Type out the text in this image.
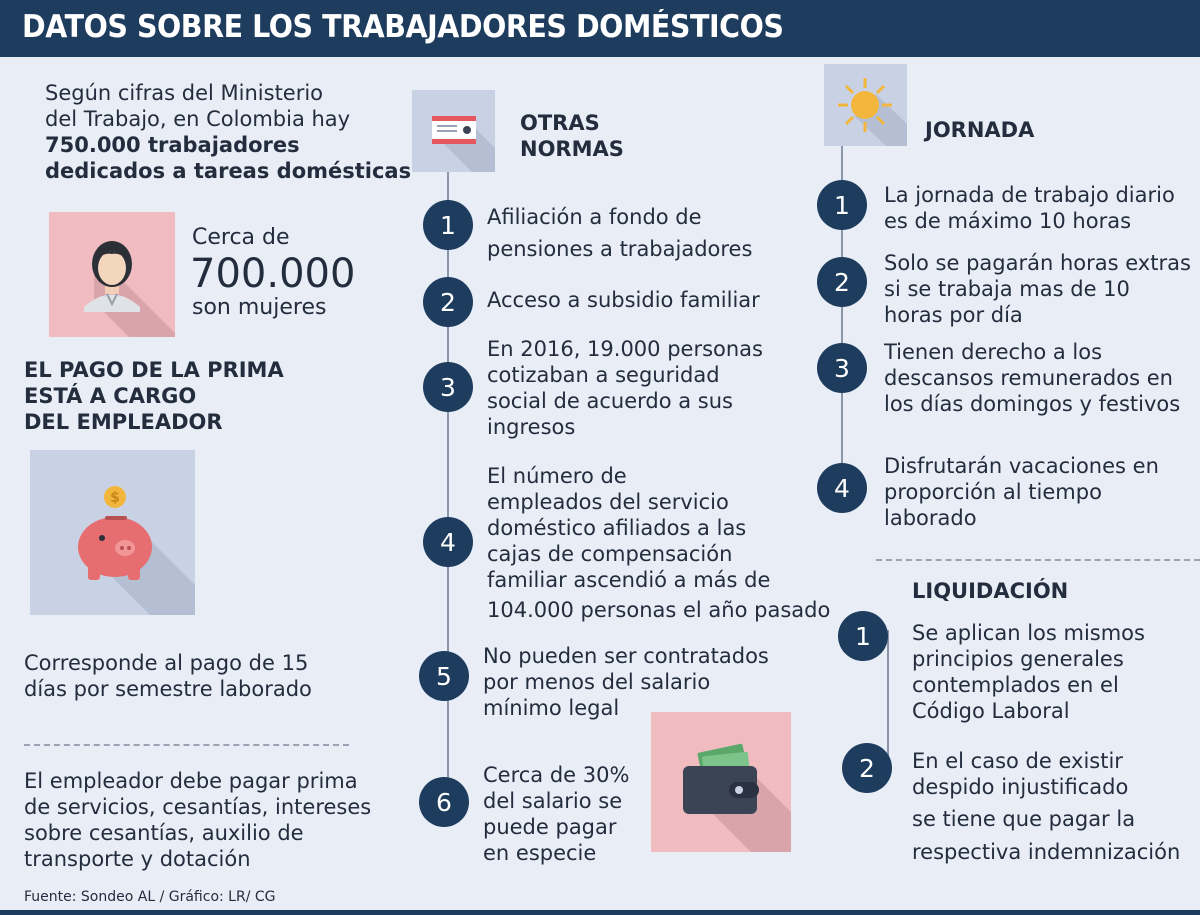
DATOS SOBRE LOS TRABAJADORES DOMÉSTICOS
Según cifras del Ministerio
del Trabajo, en Colombia hay
750.000 trabajadores
dedicados a tareas domésticas
Cerca de
700.000
son mujeres
EL PAGO DE LA PRIMA
ESTÁ A CARGO
DEL EMPLEADOR
$
Corresponde al pago de 15
días por semestre laborado
El empleador debe pagar prima
de servicios, cesantías, intereses
sobre cesantías, auxilio de
transporte y dotación
Fuente: Sondeo AL / Gráfico: LR/ CG
OTRAS
NORMAS
1	Afiliación a fondo de
pensiones a trabajadores
2	Acceso a subsidio familiar
3
En 2016, 19.000 personas
cotizaban a seguridad
social de acuerdo a sus
ingresos
4
El número de
empleados del servicio
doméstico afiliados a las
cajas de compensación
familiar ascendió a más de
104.000 personas el año pasado
5
No pueden ser contratados
por menos del salario
mínimo legal
6
Cerca de 30%
del salario se
puede pagar
en especie
JORNADA
1	La jornada de trabajo diario
es de máximo 10 horas
2
Solo se pagarán horas extras
si se trabaja mas de 10
horas por día
3
Tienen derecho a los
descansos remunerados en
los días domingos y festivos
4
Disfrutarán vacaciones en
proporción al tiempo
laborado
LIQUIDACIÓN
1	Se aplican los mismos
principios generales
contemplados en el
Código Laboral
2	En el caso de existir
despido injustificado
se tiene que pagar la
respectiva indemnización
